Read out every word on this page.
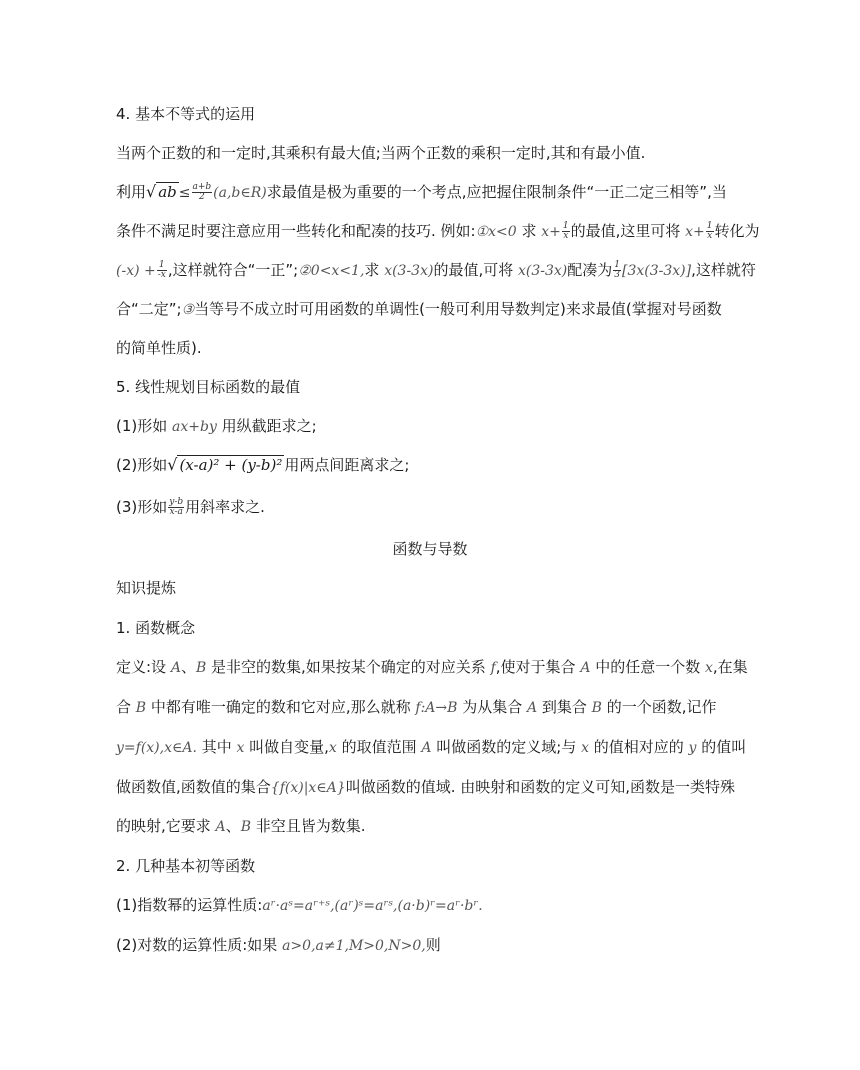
4. 基本不等式的运用
当两个正数的和一定时,其乘积有最大值;当两个正数的乘积一定时,其和有最小值.
利用√ ab ≤ $\frac{a+b}{2}$ (a,b∈R)求最值是极为重要的一个考点,应把握住限制条件“一正二定三相等”,当
条件不满足时要注意应用一些转化和配凑的技巧. 例如:①x<0 求 $x+ \frac{1}{x}$ 的最值,这里可将 $x+ \frac{1}{x}$ 转化为
$(-x) + \frac{1}{-x}$ ,这样就符合“一正”;②0<x<1,求 x(3-3x)的最值,可将 x(3-3x)配凑为 $\frac{1}{3} [3x(3-3x)]$,这样就符
合“二定”;③当等号不成立时可用函数的单调性(一般可利用导数判定)来求最值(掌握对号函数
的简单性质).
5. 线性规划目标函数的最值
(1)形如 ax+by 用纵截距求之;
(2)形如√ (x-a)² + (y-b)² 用两点间距离求之;
(3)形如 $\frac{y-b}{x-a}$ 用斜率求之.
函数与导数
知识提炼
1. 函数概念
定义:设 A、B 是非空的数集,如果按某个确定的对应关系 f,使对于集合 A 中的任意一个数 x,在集
合 B 中都有唯一确定的数和它对应,那么就称 f:A→B 为从集合 A 到集合 B 的一个函数,记作
y=f(x),x∈A. 其中 x 叫做自变量,x 的取值范围 A 叫做函数的定义域;与 x 的值相对应的 y 的值叫
做函数值,函数值的集合{f(x)|x∈A}叫做函数的值域. 由映射和函数的定义可知,函数是一类特殊
的映射,它要求 A、B 非空且皆为数集.
2. 几种基本初等函数
(1)指数幂的运算性质:aʳ·aˢ=aʳ⁺ˢ,(aʳ)ˢ=aʳˢ,(a·b)ʳ=aʳ·bʳ.
(2)对数的运算性质:如果 a>0,a≠1,M>0,N>0,则
